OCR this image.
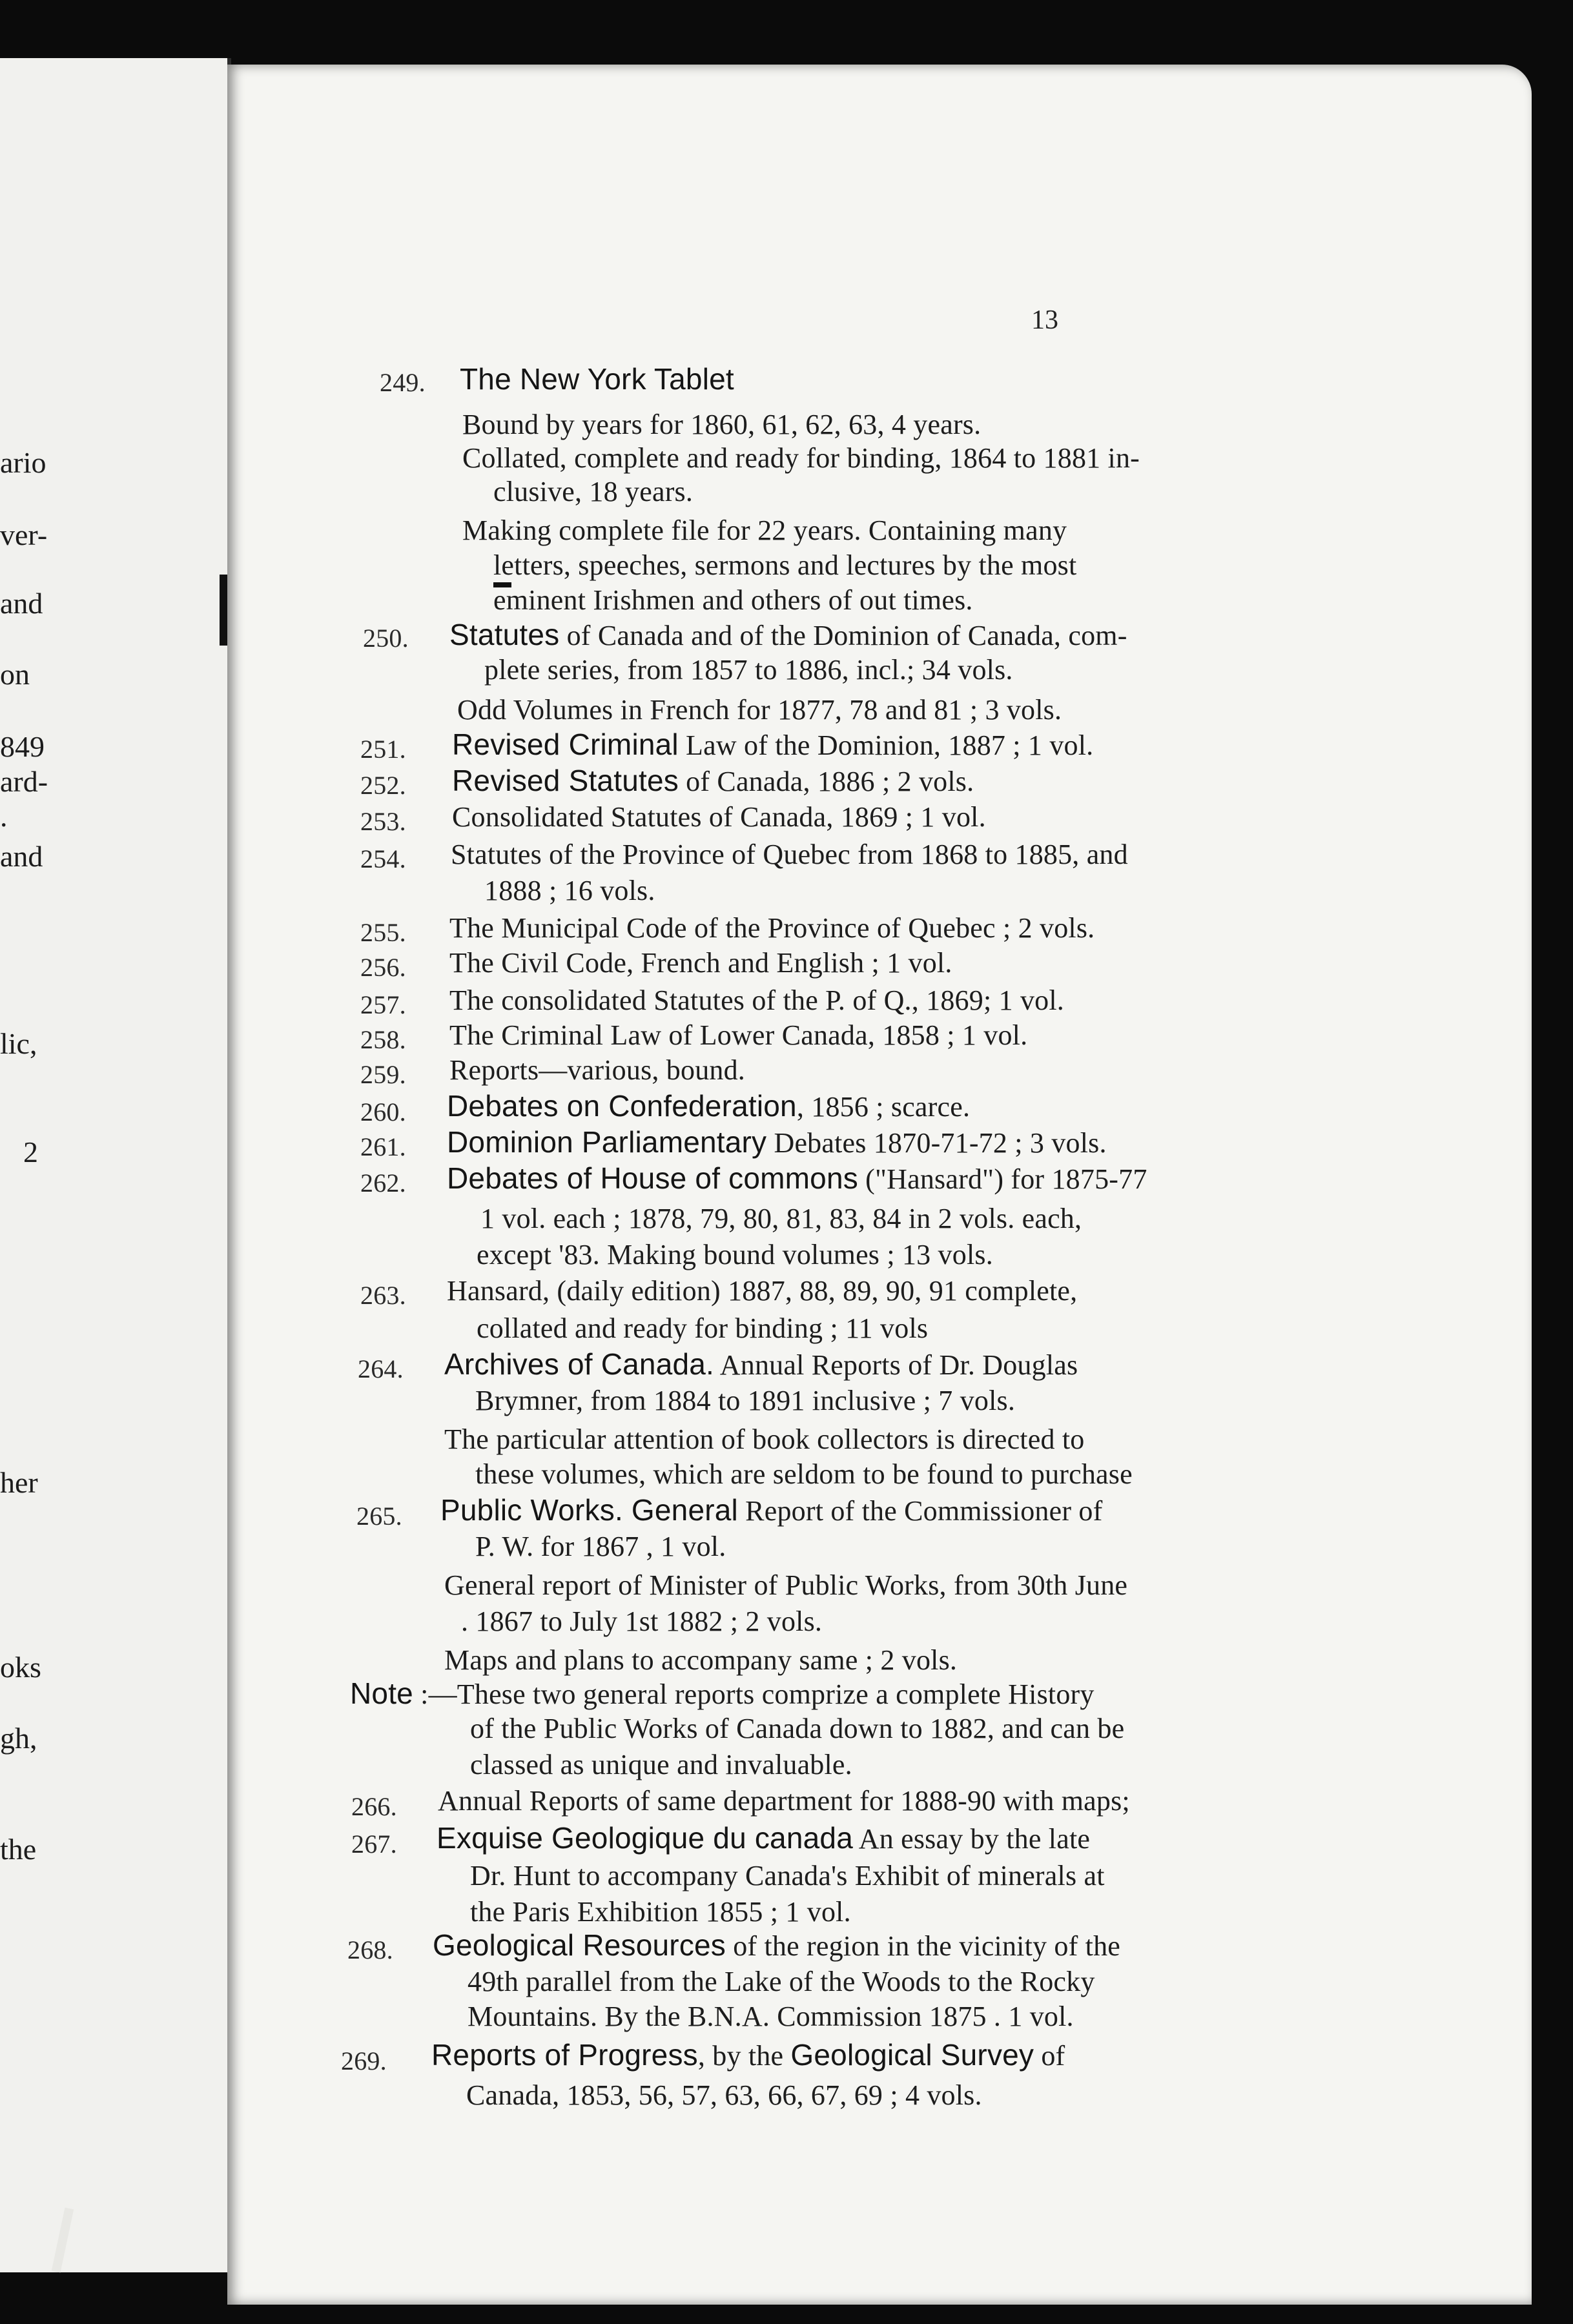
ario
ver-
and
on
849
ard-
.
and
lic,
2
her
oks
gh,
the
13
249. The New York Tablet
Bound by years for 1860, 61, 62, 63, 4 years.
Collated, complete and ready for binding, 1864 to 1881 in-
clusive, 18 years.
Making complete file for 22 years. Containing many
letters, speeches, sermons and lectures by the most
eminent Irishmen and others of out times.
250. Statutes of Canada and of the Dominion of Canada, com-
plete series, from 1857 to 1886, incl.; 34 vols.
Odd Volumes in French for 1877, 78 and 81 ; 3 vols.
251. Revised Criminal Law of the Dominion, 1887 ; 1 vol.
252. Revised Statutes of Canada, 1886 ; 2 vols.
253. Consolidated Statutes of Canada, 1869 ; 1 vol.
254. Statutes of the Province of Quebec from 1868 to 1885, and
1888 ; 16 vols.
255. The Municipal Code of the Province of Quebec ; 2 vols.
256. The Civil Code, French and English ; 1 vol.
257. The consolidated Statutes of the P. of Q., 1869; 1 vol.
258. The Criminal Law of Lower Canada, 1858 ; 1 vol.
259. Reports—various, bound.
260. Debates on Confederation, 1856 ; scarce.
261. Dominion Parliamentary Debates 1870-71-72 ; 3 vols.
262. Debates of House of commons ("Hansard") for 1875-77
1 vol. each ; 1878, 79, 80, 81, 83, 84 in 2 vols. each,
except '83. Making bound volumes ; 13 vols.
263. Hansard, (daily edition) 1887, 88, 89, 90, 91 complete,
collated and ready for binding ; 11 vols
264. Archives of Canada. Annual Reports of Dr. Douglas
Brymner, from 1884 to 1891 inclusive ; 7 vols.
The particular attention of book collectors is directed to
these volumes, which are seldom to be found to purchase
265. Public Works. General Report of the Commissioner of
P. W. for 1867 , 1 vol.
General report of Minister of Public Works, from 30th June
. 1867 to July 1st 1882 ; 2 vols.
Maps and plans to accompany same ; 2 vols.
Note :—These two general reports comprize a complete History
of the Public Works of Canada down to 1882, and can be
classed as unique and invaluable.
266. Annual Reports of same department for 1888-90 with maps;
267. Exquise Geologique du canada An essay by the late
Dr. Hunt to accompany Canada's Exhibit of minerals at
the Paris Exhibition 1855 ; 1 vol.
268. Geological Resources of the region in the vicinity of the
49th parallel from the Lake of the Woods to the Rocky
Mountains. By the B.N.A. Commission 1875 . 1 vol.
269. Reports of Progress, by the Geological Survey of
Canada, 1853, 56, 57, 63, 66, 67, 69 ; 4 vols.
